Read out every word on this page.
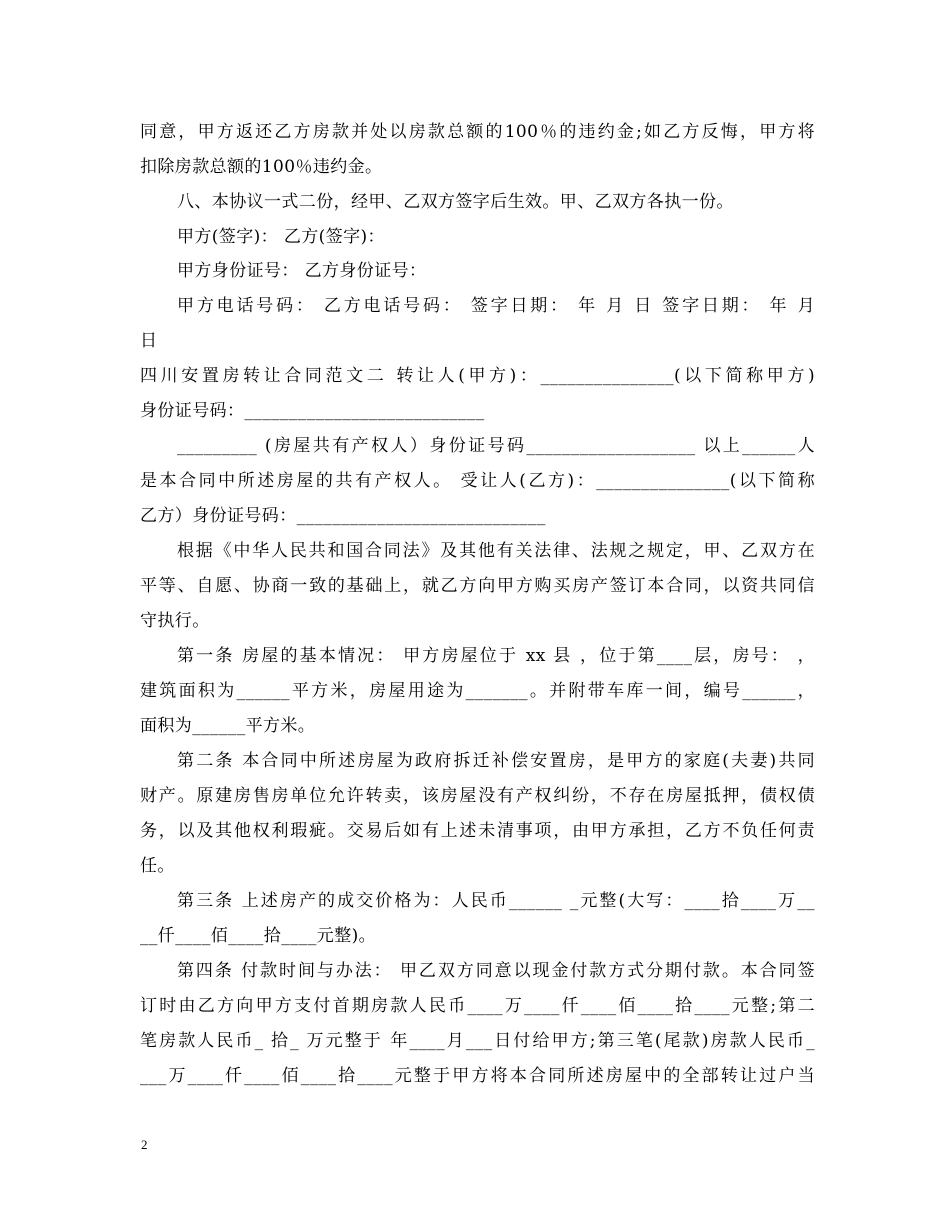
同意，甲方返还乙方房款并处以房款总额的100％的违约金;如乙方反悔，甲方将
扣除房款总额的100％违约金。
八、本协议一式二份，经甲、乙双方签字后生效。甲、乙双方各执一份。
甲方(签字)： 乙方(签字)：
甲方身份证号： 乙方身份证号：
甲方电话号码： 乙方电话号码： 签字日期： 年 月 日 签字日期： 年 月
日
四川安置房转让合同范文二 转让人(甲方)：_______________(以下简称甲方)
身份证号码：___________________________
_________ (房屋共有产权人）身份证号码___________________ 以上______人
是本合同中所述房屋的共有产权人。 受让人(乙方)：_______________(以下简称
乙方）身份证号码：____________________________
根据《中华人民共和国合同法》及其他有关法律、法规之规定，甲、乙双方在
平等、自愿、协商一致的基础上，就乙方向甲方购买房产签订本合同，以资共同信
守执行。
第一条 房屋的基本情况： 甲方房屋位于 xx 县 ，位于第____层，房号： ，
建筑面积为______平方米，房屋用途为_______。并附带车库一间，编号______，
面积为______平方米。
第二条 本合同中所述房屋为政府拆迁补偿安置房，是甲方的家庭(夫妻)共同
财产。原建房售房单位允许转卖，该房屋没有产权纠纷，不存在房屋抵押，债权债
务，以及其他权利瑕疵。交易后如有上述未清事项，由甲方承担，乙方不负任何责
任。
第三条 上述房产的成交价格为：人民币______ _元整(大写：____拾____万__
__仟____佰____拾____元整)。
第四条 付款时间与办法： 甲乙双方同意以现金付款方式分期付款。本合同签
订时由乙方向甲方支付首期房款人民币____万____仟____佰____拾____元整;第二
笔房款人民币_ 拾_ 万元整于 年____月___日付给甲方;第三笔(尾款)房款人民币_
___万____仟____佰____拾____元整于甲方将本合同所述房屋中的全部转让过户当
2
